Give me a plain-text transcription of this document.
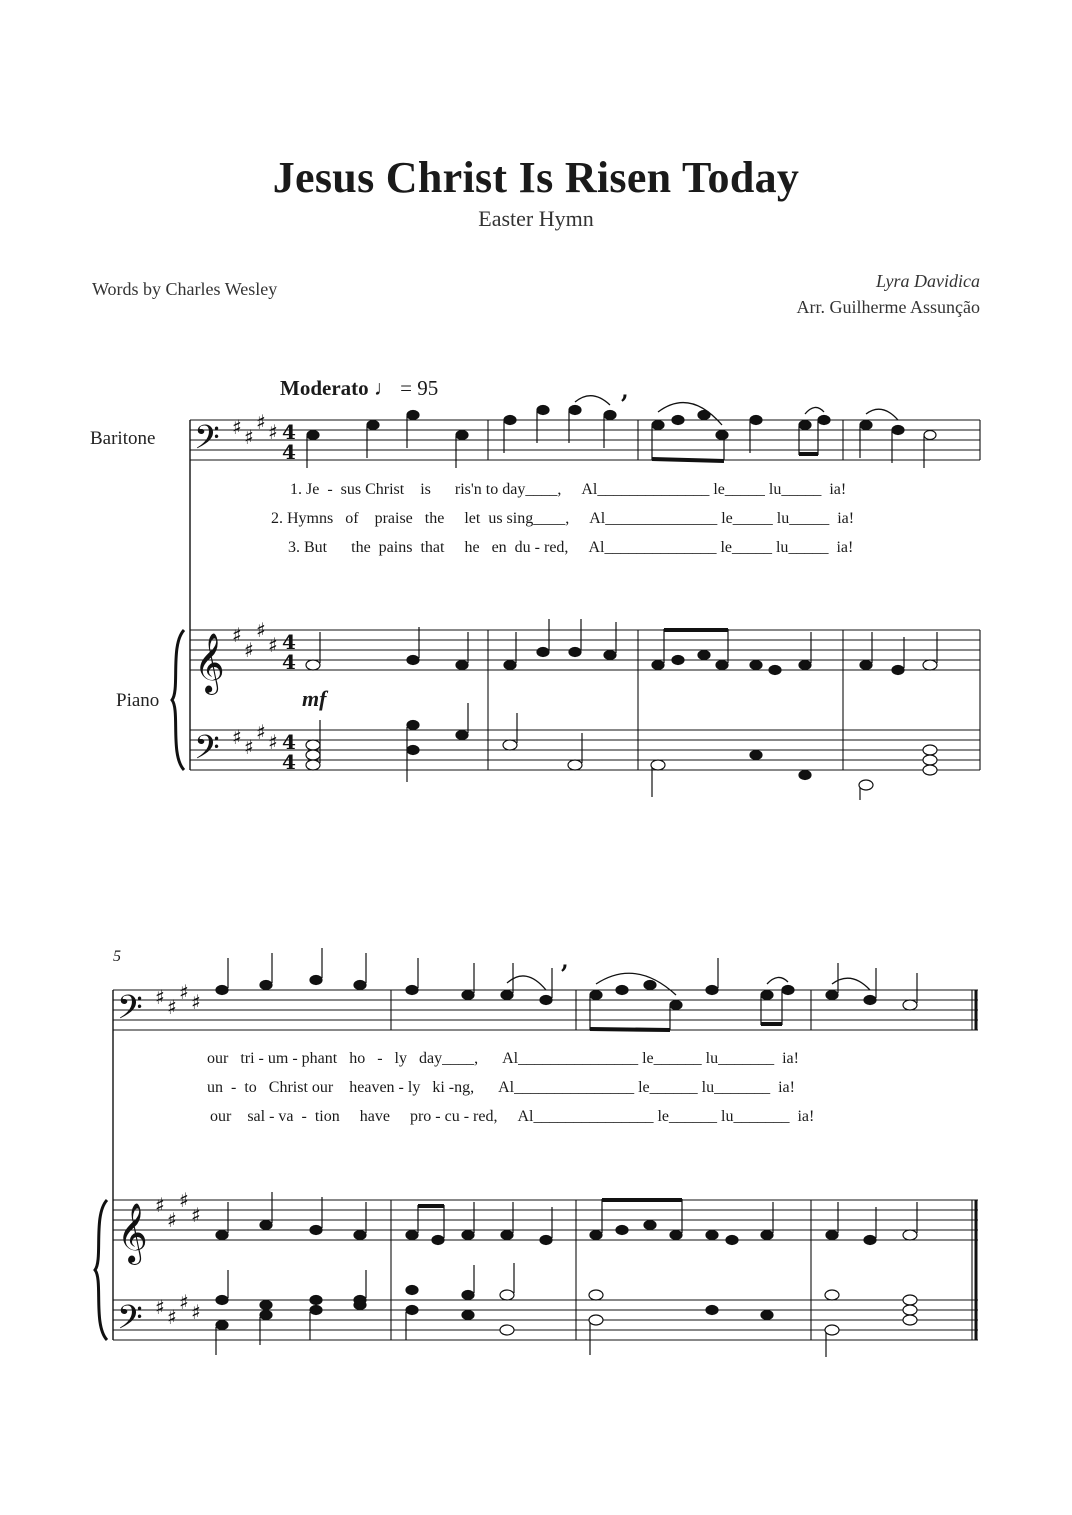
Jesus Christ Is Risen Today
Easter Hymn
Words by Charles Wesley	Lyra Davidica
Arr. Guilherme Assunção
Moderato ♩ = 95
Baritone
Piano
5
mf
1. Je - sus Christ is ris'n to day____, Al______________ le_____ lu_____  ia!
2. Hymns of praise the let us sing____, Al______________ le_____ lu_____  ia!
3. But the pains that he en du - red, Al______________ le_____ lu_____  ia!
our tri - um - phant ho - ly day____, Al_______________ le______ lu_______  ia!
un - to Christ our heaven - ly ki -ng, Al_______________ le______ lu_______  ia!
our sal - va - tion have pro - cu - red, Al_______________ le______ lu_______  ia!
𝄢
𝄞
𝄢
𝄢
𝄞
𝄢
♯ ♯
♯ ♯
♯
♯
♯
♯
♯ ♯
♯ ♯
♯ ♯
♯ ♯
♯
♯
♯
♯
♯ ♯
♯ ♯
4
4
4
4
4
4
,
,
